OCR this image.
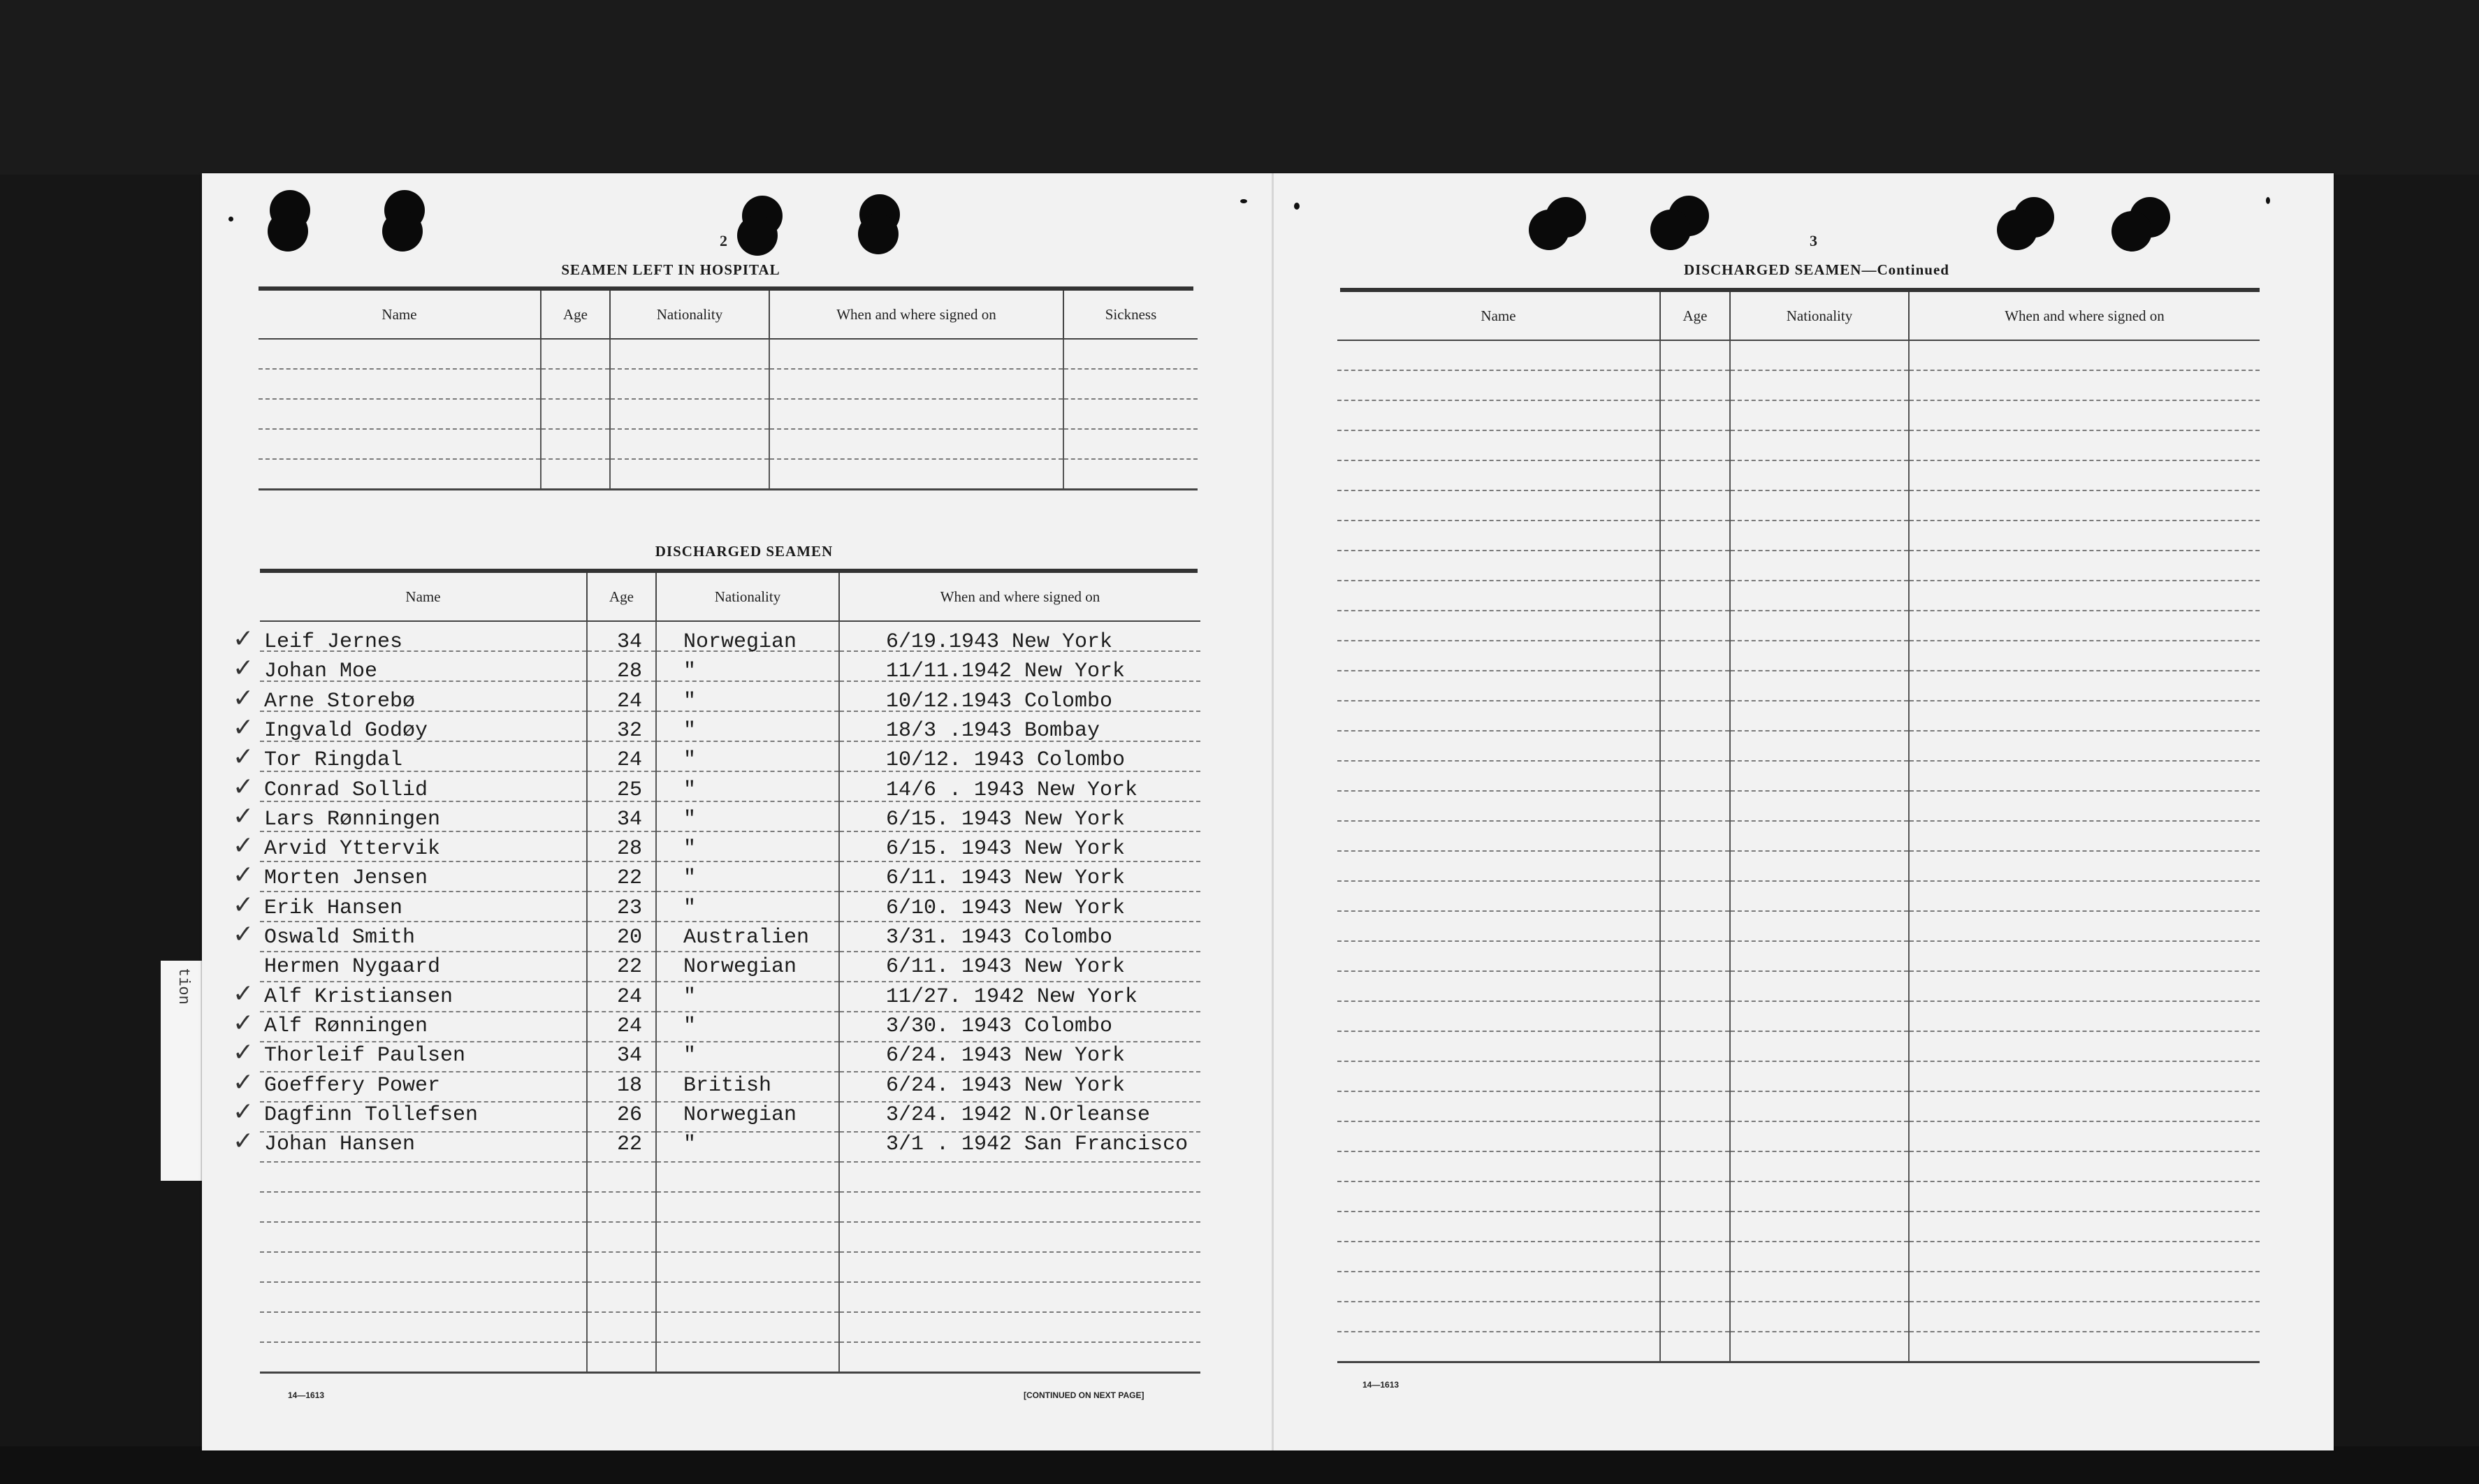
tion
2
SEAMEN LEFT IN HOSPITAL
Name	Age	Nationality	When and where signed on	Sickness

DISCHARGED SEAMEN
Name	Age	Nationality	When and where signed on

✓ Leif Jernes	34	Norwegian	6/19.1943 New York
✓ Johan Moe	28	"	11/11.1942 New York
✓ Arne Storebø	24	"	10/12.1943 Colombo
✓ Ingvald Godøy	32	"	18/3 .1943 Bombay
✓ Tor Ringdal	24	"	10/12. 1943 Colombo
✓ Conrad Sollid	25	"	14/6 . 1943 New York
✓ Lars Rønningen	34	"	6/15. 1943 New York
✓ Arvid Yttervik	28	"	6/15. 1943 New York
✓ Morten Jensen	22	"	6/11. 1943 New York
✓ Erik Hansen	23	"	6/10. 1943 New York
✓ Oswald Smith	20	Australien	3/31. 1943 Colombo
Hermen Nygaard	22	Norwegian	6/11. 1943 New York
✓ Alf Kristiansen	24	"	11/27. 1942 New York
✓ Alf Rønningen	24	"	3/30. 1943 Colombo
✓ Thorleif Paulsen	34	"	6/24. 1943 New York
✓ Goeffery Power	18	British	6/24. 1943 New York
✓ Dagfinn Tollefsen	26	Norwegian	3/24. 1942 N.Orleanse
✓ Johan Hansen	22	"	3/1 . 1942 San Francisco
14—1613	[CONTINUED ON NEXT PAGE]
3
DISCHARGED SEAMEN—Continued
Name	Age	Nationality	When and where signed on

14—1613
